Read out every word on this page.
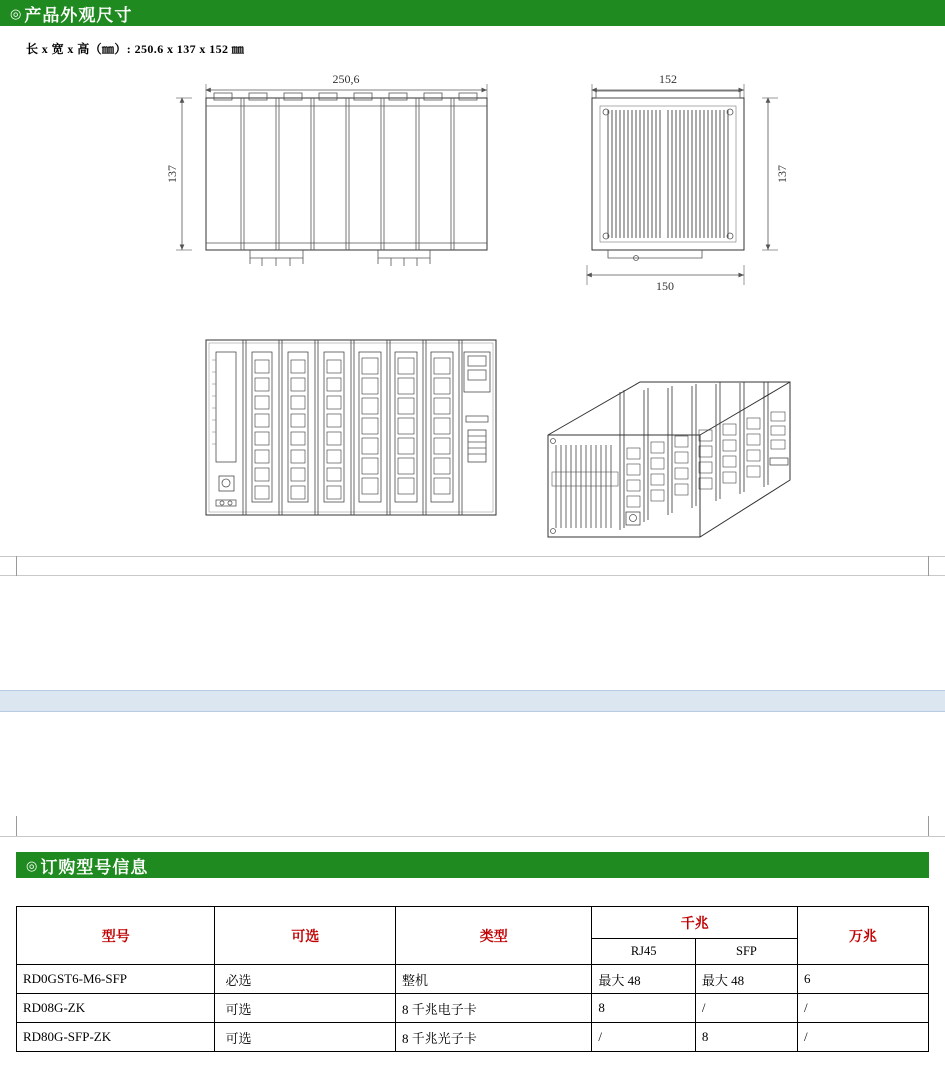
◎ 产品外观尺寸
长 x 宽 x 高（㎜）: 250.6 x 137 x 152 ㎜
250,6	152
150
137	137
◎ 订购型号信息
型号	可选	类型	千兆		万兆
			RJ45	SFP	
RD0GST6-M6-SFP	必选	整机	最大 48	最大 48	6
RD08G-ZK	可选	8 千兆电子卡	8	/	/
RD80G-SFP-ZK	可选	8 千兆光子卡	/	8	/
